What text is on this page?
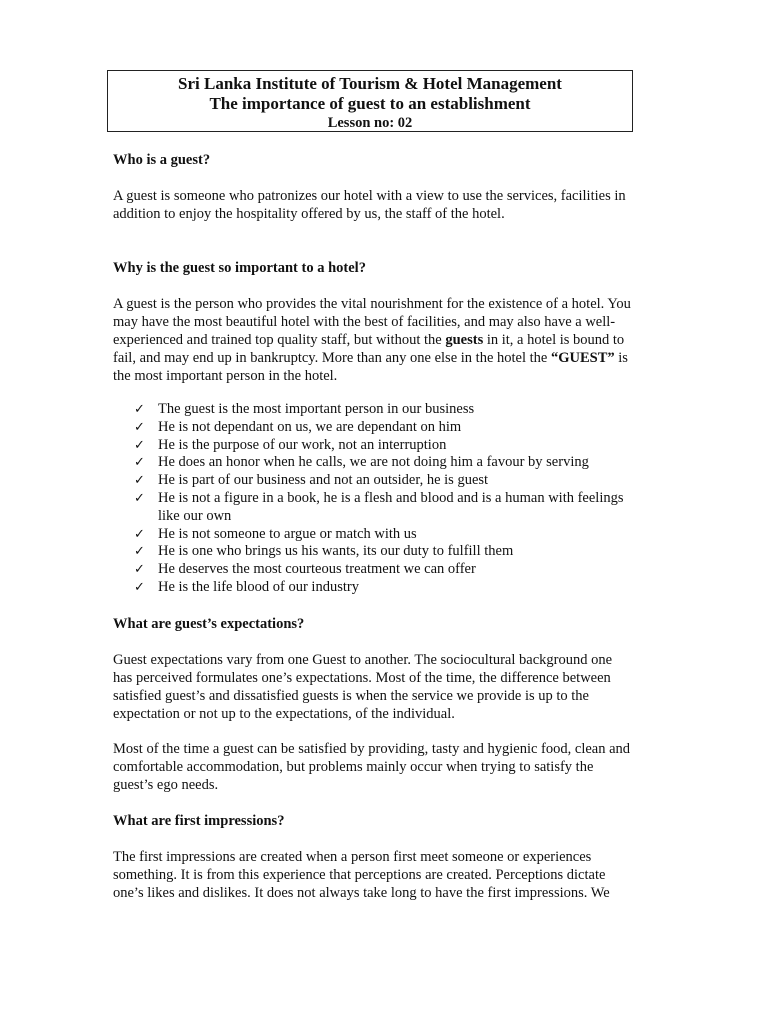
Sri Lanka Institute of Tourism & Hotel Management
The importance of guest to an establishment
Lesson no: 02
Who is a guest?
A guest is someone who patronizes our hotel with a view to use the services, facilities in
addition to enjoy the hospitality offered by us, the staff of the hotel.
Why is the guest so important to a hotel?
A guest is the person who provides the vital nourishment for the existence of a hotel. You
may have the most beautiful hotel with the best of facilities, and may also have a well-
experienced and trained top quality staff, but without the guests in it, a hotel is bound to
fail, and may end up in bankruptcy. More than any one else in the hotel the “GUEST” is
the most important person in the hotel.
✓ The guest is the most important person in our business
✓ He is not dependant on us, we are dependant on him
✓ He is the purpose of our work, not an interruption
✓ He does an honor when he calls, we are not doing him a favour by serving
✓ He is part of our business and not an outsider, he is guest
✓ He is not a figure in a book, he is a flesh and blood and is a human with feelings
like our own
✓ He is not someone to argue or match with us
✓ He is one who brings us his wants, its our duty to fulfill them
✓ He deserves the most courteous treatment we can offer
✓ He is the life blood of our industry
What are guest’s expectations?
Guest expectations vary from one Guest to another. The sociocultural background one
has perceived formulates one’s expectations. Most of the time, the difference between
satisfied guest’s and dissatisfied guests is when the service we provide is up to the
expectation or not up to the expectations, of the individual.
Most of the time a guest can be satisfied by providing, tasty and hygienic food, clean and
comfortable accommodation, but problems mainly occur when trying to satisfy the
guest’s ego needs.
What are first impressions?
The first impressions are created when a person first meet someone or experiences
something. It is from this experience that perceptions are created. Perceptions dictate
one’s likes and dislikes. It does not always take long to have the first impressions. We
